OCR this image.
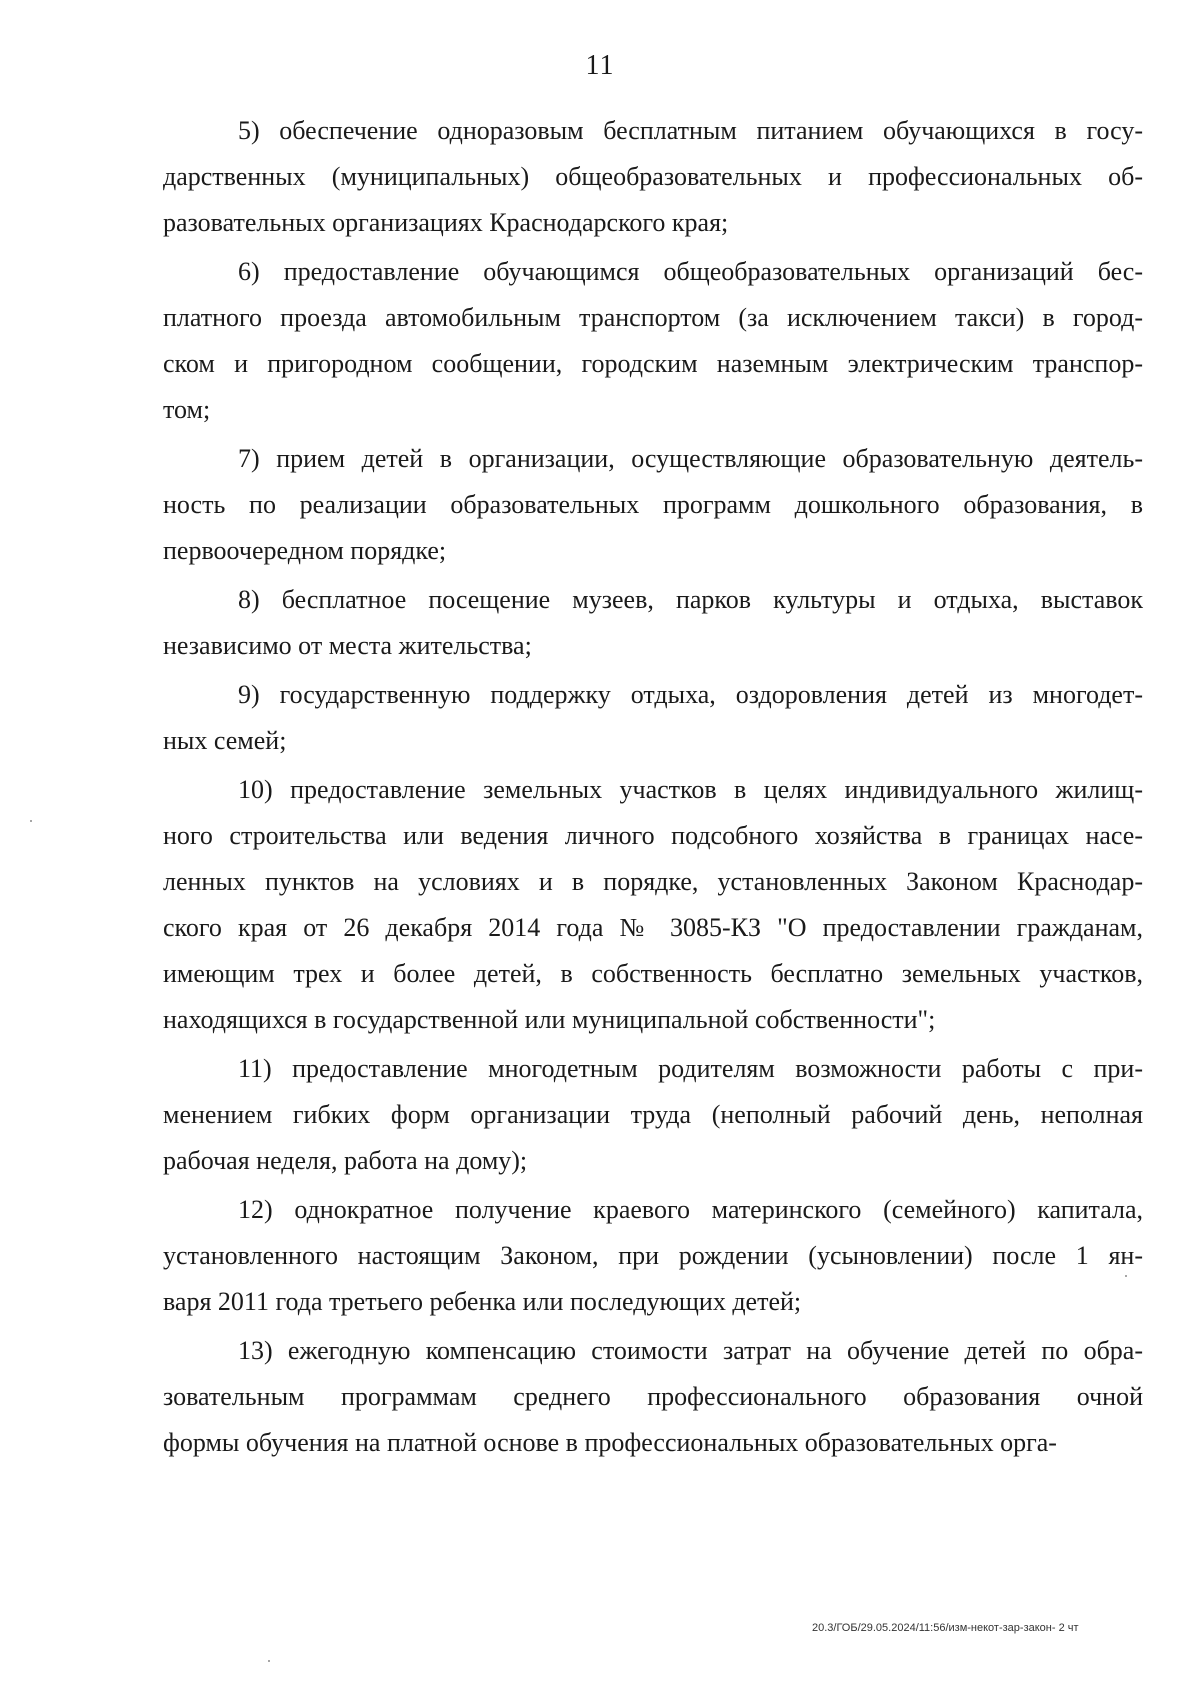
11

5) обеспечение одноразовым бесплатным питанием обучающихся в госу-
дарственных (муниципальных) общеобразовательных и профессиональных об-
разовательных организациях Краснодарского края;

6) предоставление обучающимся общеобразовательных организаций бес-
платного проезда автомобильным транспортом (за исключением такси) в город-
ском и пригородном сообщении, городским наземным электрическим транспор-
том;

7) прием детей в организации, осуществляющие образовательную деятель-
ность по реализации образовательных программ дошкольного образования, в
первоочередном порядке;

8) бесплатное посещение музеев, парков культуры и отдыха, выставок
независимо от места жительства;

9) государственную поддержку отдыха, оздоровления детей из многодет-
ных семей;

10) предоставление земельных участков в целях индивидуального жилищ-
ного строительства или ведения личного подсобного хозяйства в границах насе-
ленных пунктов на условиях и в порядке, установленных Законом Краснодар-
ского края от 26 декабря 2014 года № 3085-КЗ "О предоставлении гражданам,
имеющим трех и более детей, в собственность бесплатно земельных участков,
находящихся в государственной или муниципальной собственности";

11) предоставление многодетным родителям возможности работы с при-
менением гибких форм организации труда (неполный рабочий день, неполная
рабочая неделя, работа на дому);

12) однократное получение краевого материнского (семейного) капитала,
установленного настоящим Законом, при рождении (усыновлении) после 1 ян-
варя 2011 года третьего ребенка или последующих детей;

13) ежегодную компенсацию стоимости затрат на обучение детей по обра-
зовательным программам среднего профессионального образования очной
формы обучения на платной основе в профессиональных образовательных орга-

20.3/ГОБ/29.05.2024/11:56/изм-некот-зар-закон- 2 чт
